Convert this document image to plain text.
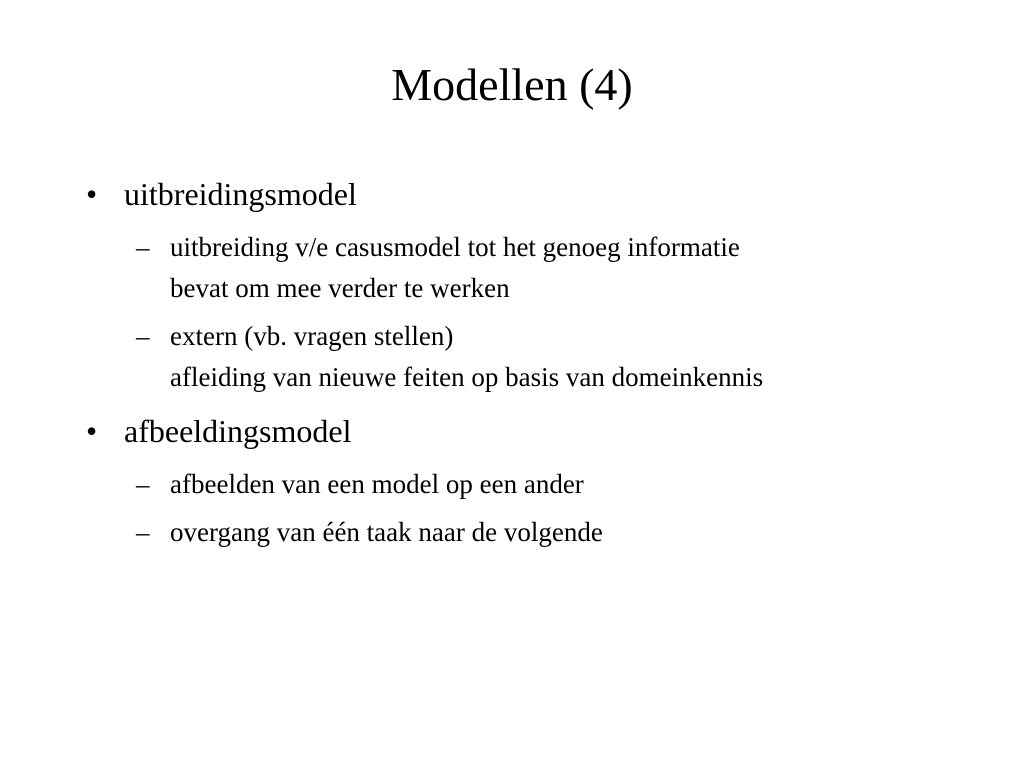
Modellen (4)
• uitbreidingsmodel
– uitbreiding v/e casusmodel tot het genoeg informatie
bevat om mee verder te werken
– extern (vb. vragen stellen)
afleiding van nieuwe feiten op basis van domeinkennis
• afbeeldingsmodel
– afbeelden van een model op een ander
– overgang van één taak naar de volgende
